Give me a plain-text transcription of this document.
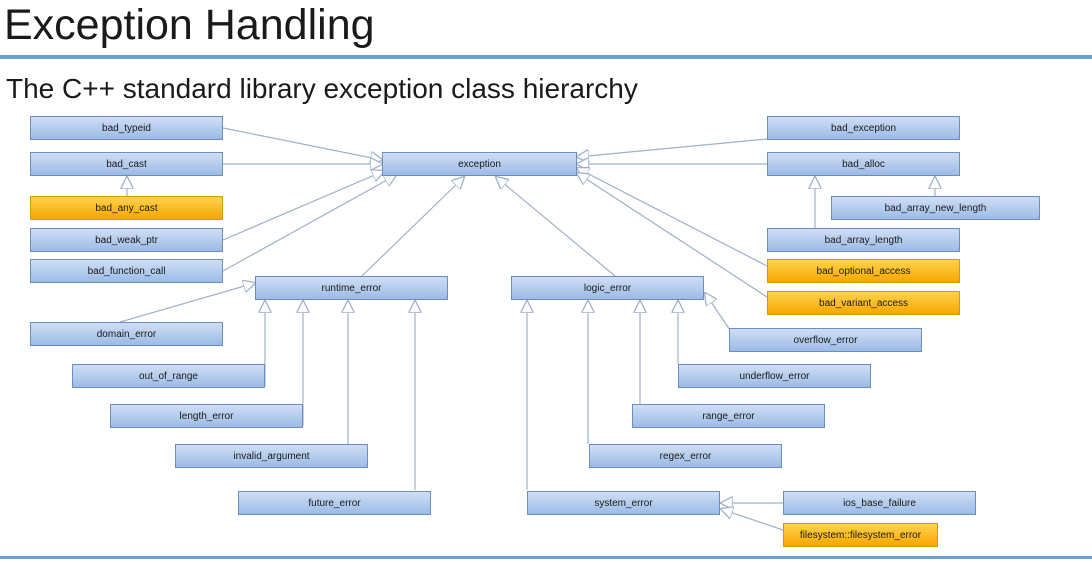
Exception Handling
The C++ standard library exception class hierarchy
bad_typeid
bad_cast
bad_any_cast
bad_weak_ptr
bad_function_call
exception
runtime_error
domain_error
out_of_range
length_error
invalid_argument
future_error
logic_error
overflow_error
underflow_error
range_error
regex_error
system_error	ios_base_failure
filesystem::filesystem_error
bad_exception
bad_alloc
bad_array_new_length
bad_array_length
bad_optional_access
bad_variant_access
